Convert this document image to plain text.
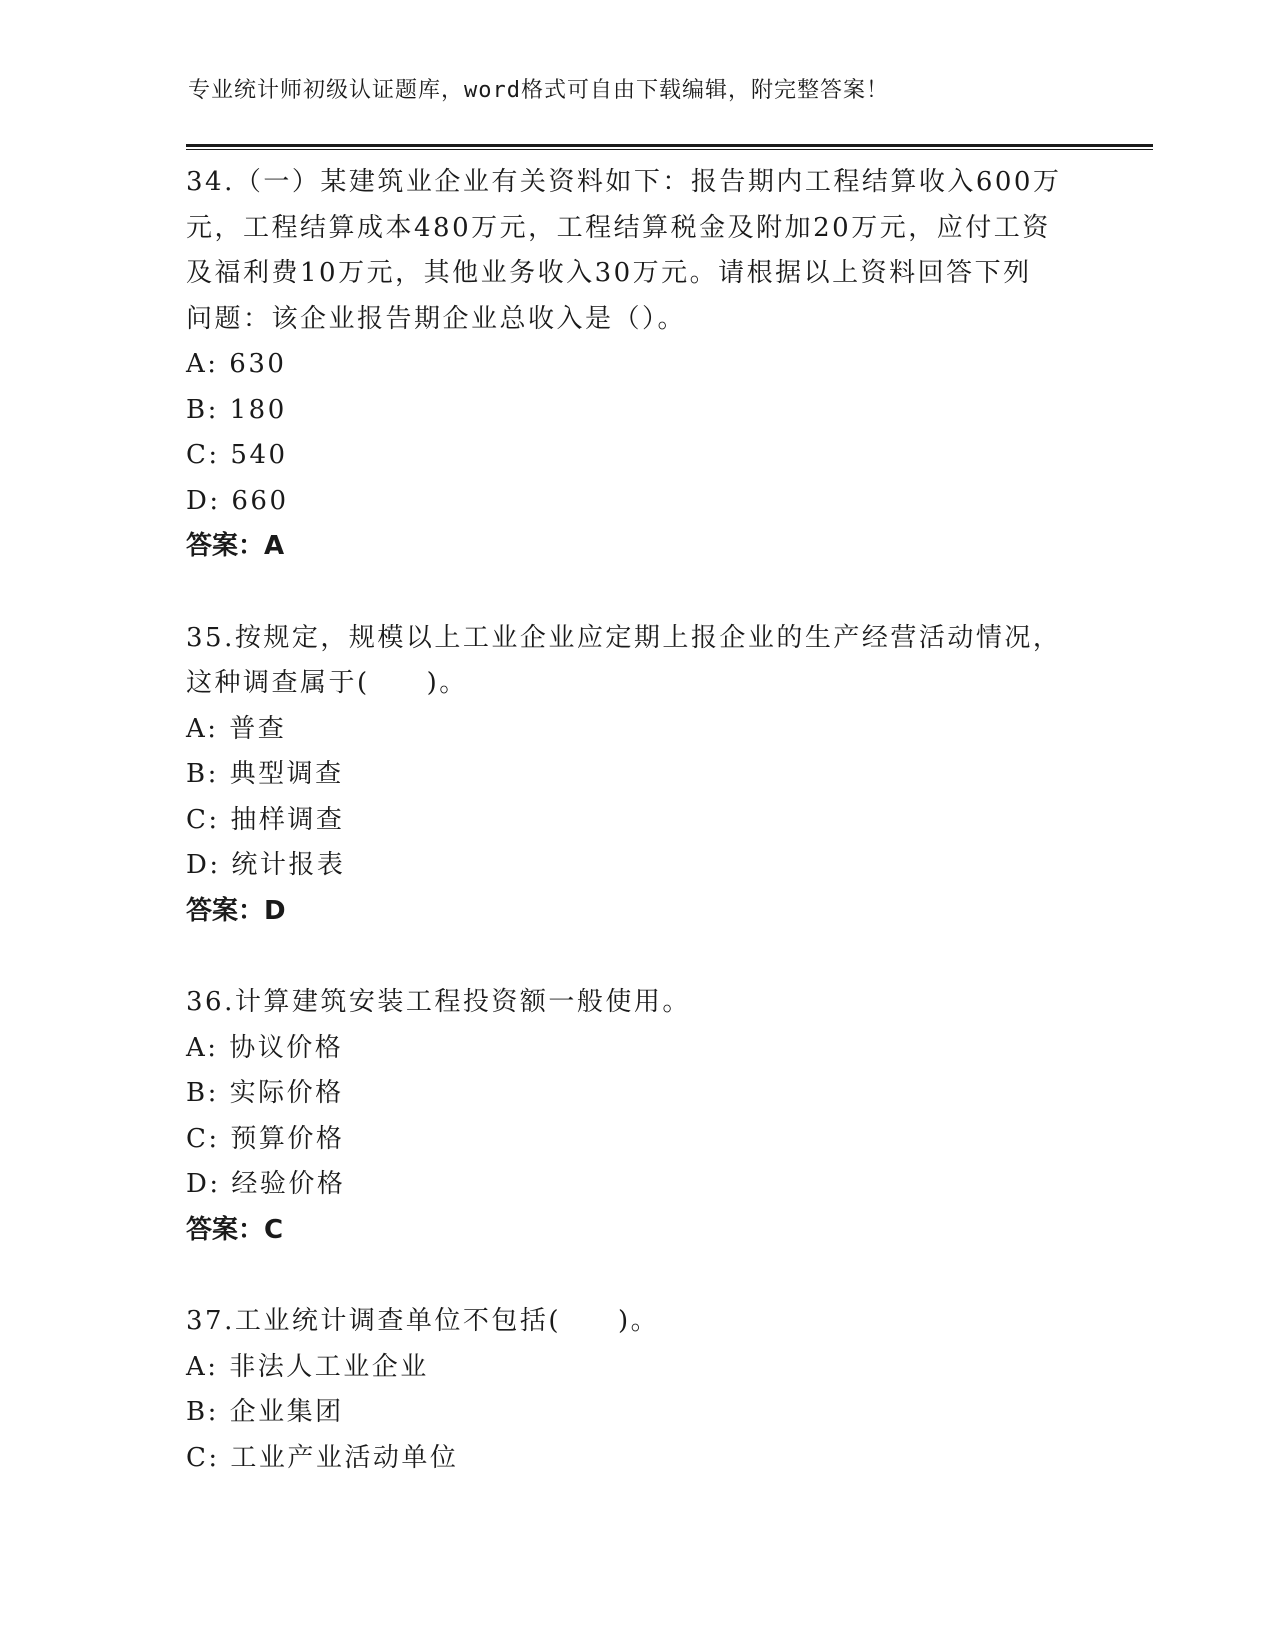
专业统计师初级认证题库，word格式可自由下载编辑，附完整答案！

34.（一）某建筑业企业有关资料如下：报告期内工程结算收入600万
元，工程结算成本480万元，工程结算税金及附加20万元，应付工资
及福利费10万元，其他业务收入30万元。请根据以上资料回答下列
问题：该企业报告期企业总收入是（）。

A: 630

B: 180

C: 540

D: 660

答案：A

35.按规定，规模以上工业企业应定期上报企业的生产经营活动情况，
这种调查属于(　　)。

A: 普查

B: 典型调查

C: 抽样调查

D: 统计报表

答案：D

36.计算建筑安装工程投资额一般使用。

A: 协议价格

B: 实际价格

C: 预算价格

D: 经验价格

答案：C

37.工业统计调查单位不包括(　　)。

A: 非法人工业企业

B: 企业集团

C: 工业产业活动单位
